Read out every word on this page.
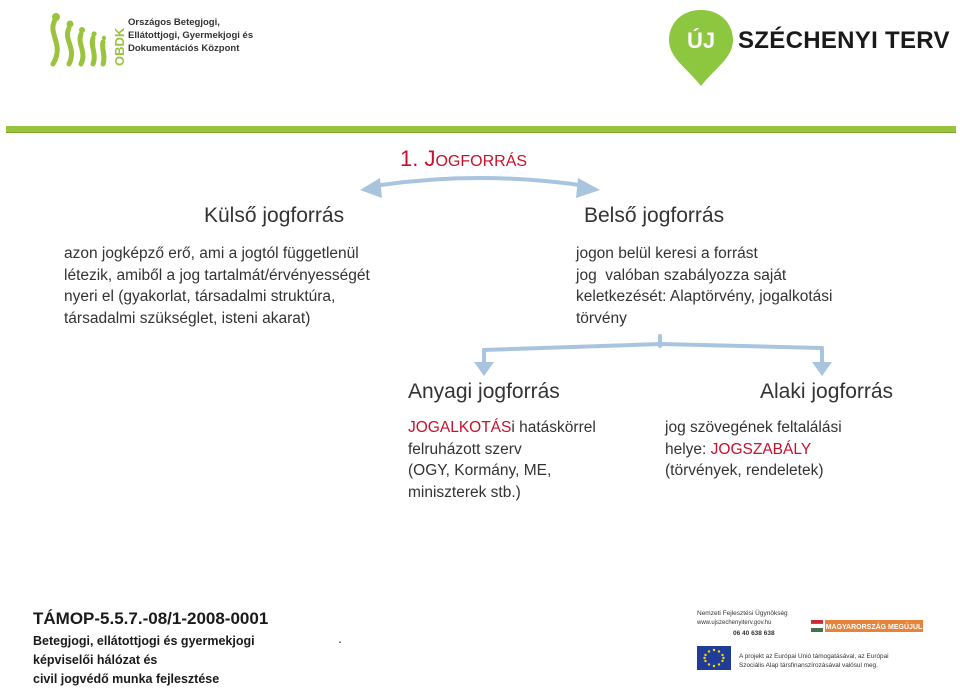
OBDK
Országos Betegjogi,
Ellátottjogi, Gyermekjogi és
Dokumentációs Központ	ÚJ SZÉCHENYI TERV
1. JOGFORRÁS
Külső jogforrás
azon jogképző erő, ami a jogtól függetlenül
létezik, amiből a jog tartalmát/érvényességét
nyeri el (gyakorlat, társadalmi struktúra,
társadalmi szükséglet, isteni akarat)
Belső jogforrás
jogon belül keresi a forrást
jog  valóban szabályozza saját
keletkezését: Alaptörvény, jogalkotási
törvény
Anyagi jogforrás
JOGALKOTÁSi hatáskörrel
felruházott szerv
(OGY, Kormány, ME,
miniszterek stb.)
Alaki jogforrás
jog szövegének feltalálási
helye: JOGSZABÁLY
(törvények, rendeletek)
TÁMOP-5.5.7.-08/1-2008-0001
Betegjogi, ellátottjogi és gyermekjogi
képviselői hálózat és
civil jogvédő munka fejlesztése
.
Nemzeti Fejlesztési Ügynökség
www.ujszechenyiterv.gov.hu
06 40 638 638
MAGYARORSZÁG MEGÚJUL
A projekt az Európai Unió támogatásával, az Európai
Szociális Alap társfinanszírozásával valósul meg.
